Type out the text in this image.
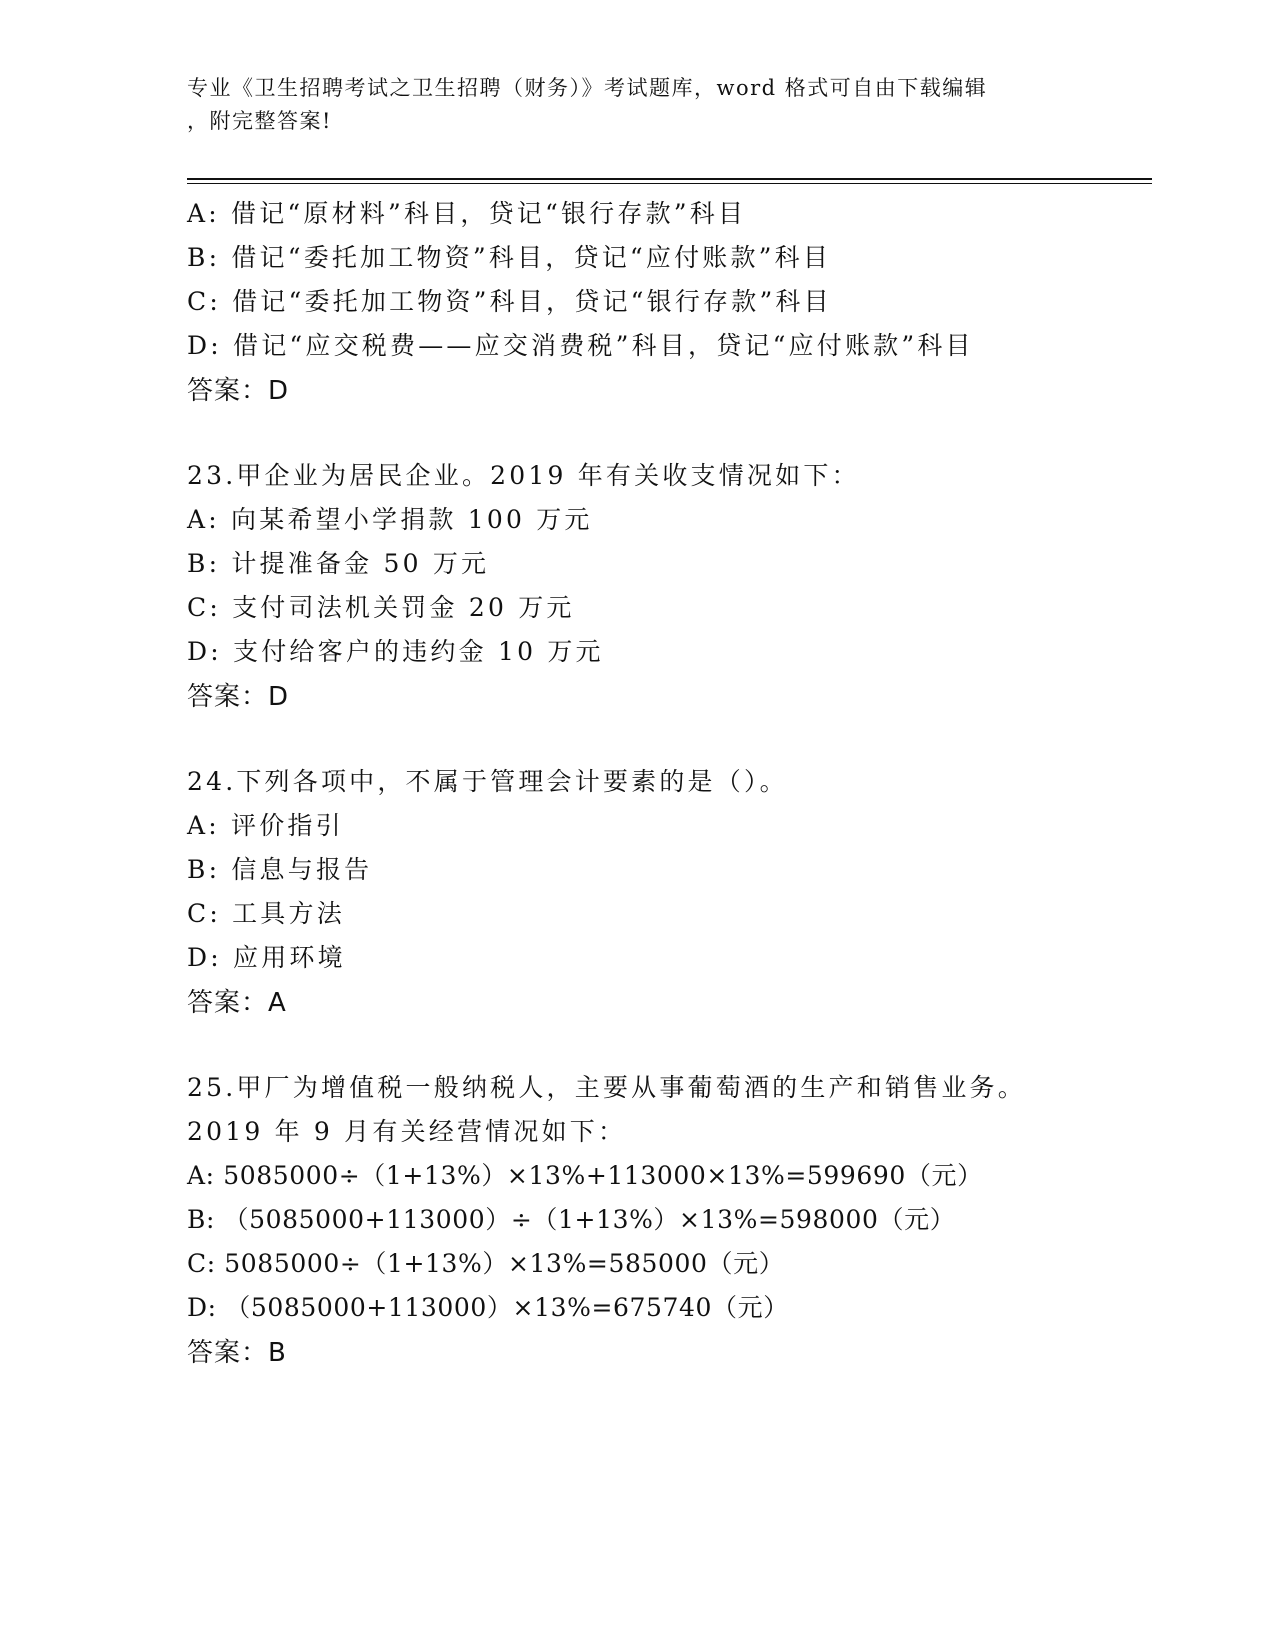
专业《卫生招聘考试之卫生招聘（财务）》考试题库，word 格式可自由下载编辑
，附完整答案!
A: 借记“原材料”科目，贷记“银行存款”科目
B: 借记“委托加工物资”科目，贷记“应付账款”科目
C: 借记“委托加工物资”科目，贷记“银行存款”科目
D: 借记“应交税费——应交消费税”科目，贷记“应付账款”科目
答案：D
23.甲企业为居民企业。2019 年有关收支情况如下：
A: 向某希望小学捐款 100 万元
B: 计提准备金 50 万元
C: 支付司法机关罚金 20 万元
D: 支付给客户的违约金 10 万元
答案：D
24.下列各项中，不属于管理会计要素的是（）。
A: 评价指引
B: 信息与报告
C: 工具方法
D: 应用环境
答案：A
25.甲厂为增值税一般纳税人，主要从事葡萄酒的生产和销售业务。
2019 年 9 月有关经营情况如下：
A: 5085000÷（1+13%）×13%+113000×13%=599690（元）
B: （5085000+113000）÷（1+13%）×13%=598000（元）
C: 5085000÷（1+13%）×13%=585000（元）
D: （5085000+113000）×13%=675740（元）
答案：B
